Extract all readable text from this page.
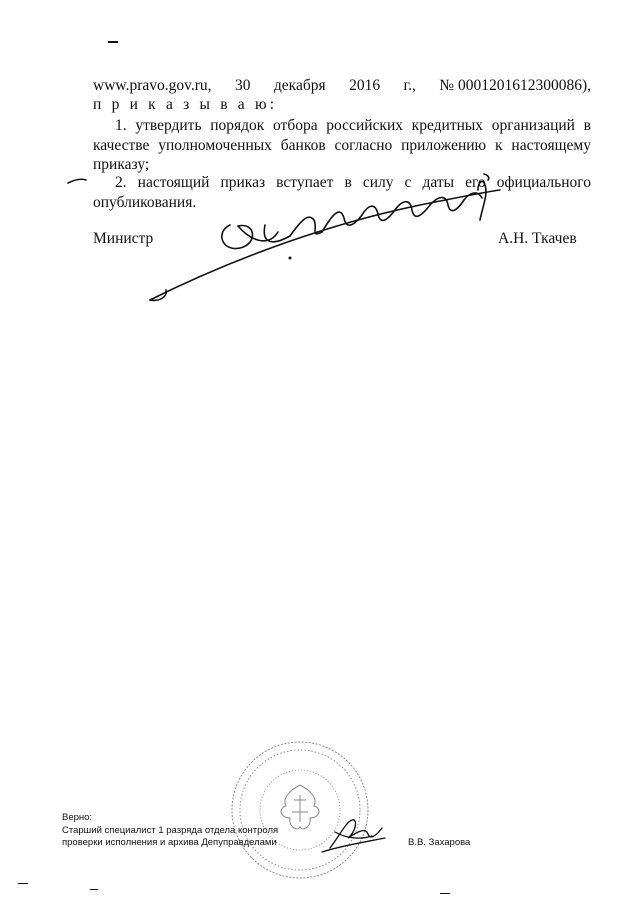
www.pravo.gov.ru, 30 декабря 2016 г., № 0001201612300086),
п р и к а з ы в а ю:
1. утвердить порядок отбора российских кредитных организаций в качестве уполномоченных банков согласно приложению к настоящему приказу;
2. настоящий приказ вступает в силу с даты его официального опубликования.
Министр	А.Н. Ткачев
Верно:
Старший специалист 1 разряда отдела контроля
проверки исполнения и архива Депуправделами	В.В. Захарова
